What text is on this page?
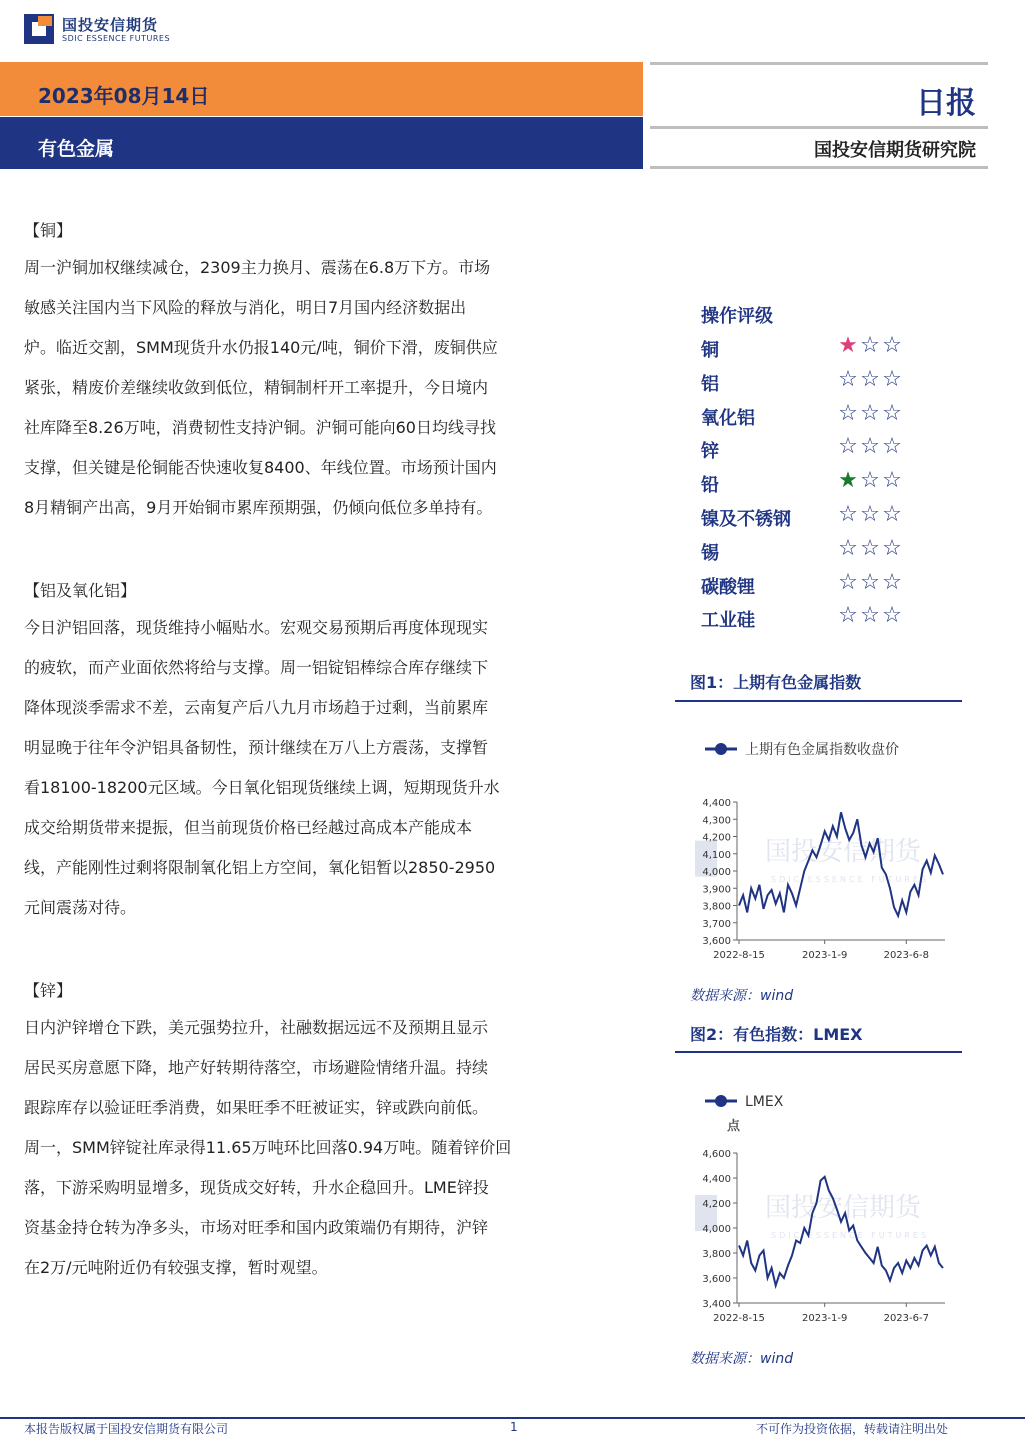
国投安信期货
SDIC ESSENCE FUTURES
2023年08月14日
有色金属
日报
国投安信期货研究院
【铜】
周一沪铜加权继续减仓，2309主力换月、震荡在6.8万下方。市场
敏感关注国内当下风险的释放与消化，明日7月国内经济数据出
炉。临近交割，SMM现货升水仍报140元/吨，铜价下滑，废铜供应
紧张，精废价差继续收敛到低位，精铜制杆开工率提升，今日境内
社库降至8.26万吨，消费韧性支持沪铜。沪铜可能向60日均线寻找
支撑，但关键是伦铜能否快速收复8400、年线位置。市场预计国内
8月精铜产出高，9月开始铜市累库预期强，仍倾向低位多单持有。
【铝及氧化铝】
今日沪铝回落，现货维持小幅贴水。宏观交易预期后再度体现现实
的疲软，而产业面依然将给与支撑。周一铝锭铝棒综合库存继续下
降体现淡季需求不差，云南复产后八九月市场趋于过剩，当前累库
明显晚于往年令沪铝具备韧性，预计继续在万八上方震荡，支撑暂
看18100-18200元区域。今日氧化铝现货继续上调，短期现货升水
成交给期货带来提振，但当前现货价格已经越过高成本产能成本
线，产能刚性过剩将限制氧化铝上方空间，氧化铝暂以2850-2950
元间震荡对待。
【锌】
日内沪锌增仓下跌，美元强势拉升，社融数据远远不及预期且显示
居民买房意愿下降，地产好转期待落空，市场避险情绪升温。持续
跟踪库存以验证旺季消费，如果旺季不旺被证实，锌或跌向前低。
周一，SMM锌锭社库录得11.65万吨环比回落0.94万吨。随着锌价回
落，下游采购明显增多，现货成交好转，升水企稳回升。LME锌投
资基金持仓转为净多头，市场对旺季和国内政策端仍有期待，沪锌
在2万/元吨附近仍有较强支撑，暂时观望。
操作评级
铜	★ ☆ ☆
铝	☆ ☆ ☆
氧化铝	☆ ☆ ☆
锌	☆ ☆ ☆
铅	★ ☆ ☆
镍及不锈钢 ☆ ☆ ☆
锡	☆ ☆ ☆
碳酸锂	☆ ☆ ☆
工业硅	☆ ☆ ☆
图1：上期有色金属指数
上期有色金属指数收盘价
国投安信期货
SDIC ESSENCE FUTURES
3,600
3,700
3,800
3,900
4,000
4,100
4,200
4,300
4,400
2022-8-15	2023-1-9	2023-6-8
数据来源：wind
图2：有色指数：LMEX
LMEX
点
国投安信期货
SDIC ESSENCE FUTURES
3,400
3,600
3,800
4,000
4,200
4,400
4,600
2022-8-15	2023-1-9	2023-6-7
数据来源：wind
本报告版权属于国投安信期货有限公司	1	不可作为投资依据，转载请注明出处
